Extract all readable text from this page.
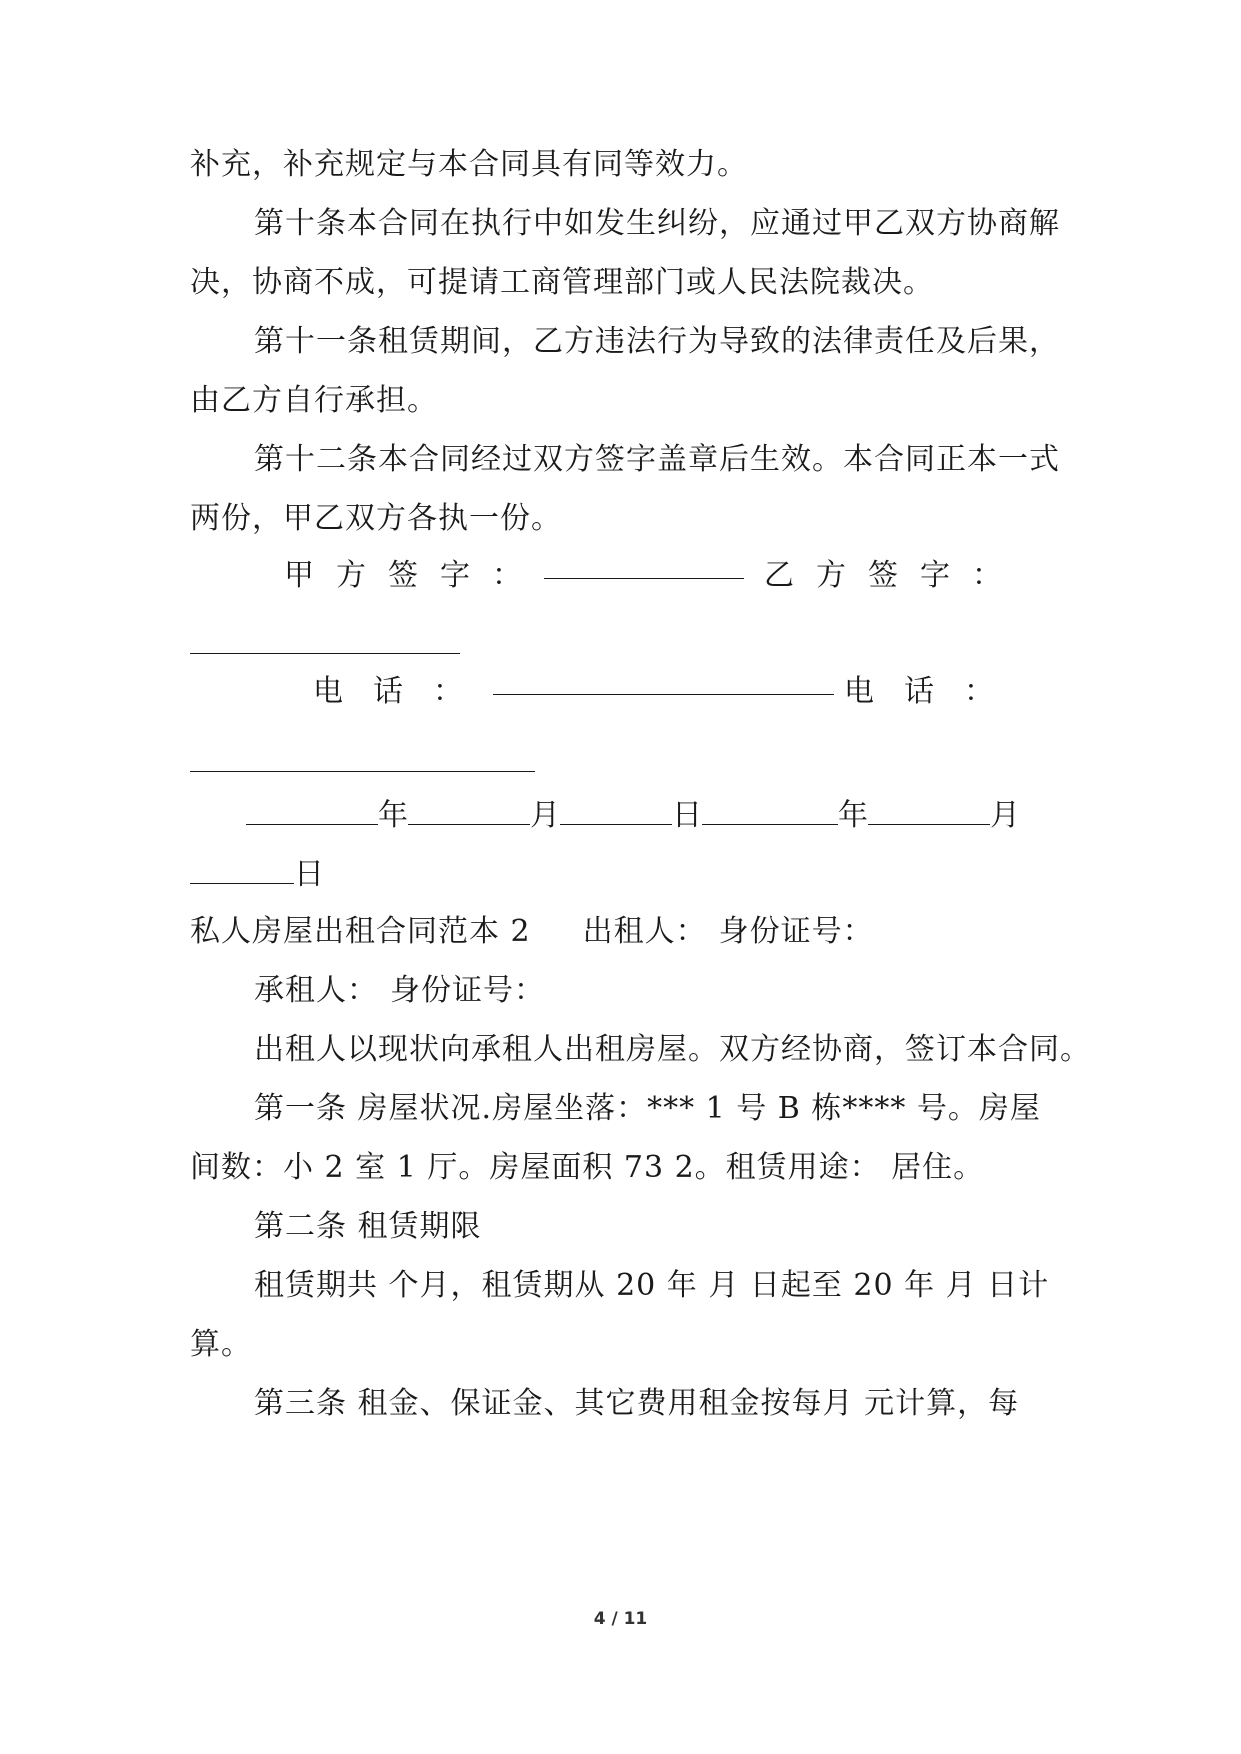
补充，补充规定与本合同具有同等效力。
第十条本合同在执行中如发生纠纷，应通过甲乙双方协商解
决，协商不成，可提请工商管理部门或人民法院裁决。
第十一条租赁期间，乙方违法行为导致的法律责任及后果，
由乙方自行承担。
第十二条本合同经过双方签字盖章后生效。本合同正本一式
两份，甲乙双方各执一份。
甲方签字：	乙方签字：
电话：	电话：
年	月	日	年	月
日
私人房屋出租合同范本 2 出租人： 身份证号：
承租人： 身份证号：
出租人以现状向承租人出租房屋。双方经协商，签订本合同。
第一条 房屋状况.房屋坐落：*** 1 号 B 栋**** 号。房屋
间数：小 2 室 1 厅。房屋面积 73 2。租赁用途： 居住。
第二条 租赁期限
租赁期共 个月，租赁期从 20 年 月 日起至 20 年 月 日计
算。
第三条 租金、保证金、其它费用租金按每月 元计算，每
4 / 11
